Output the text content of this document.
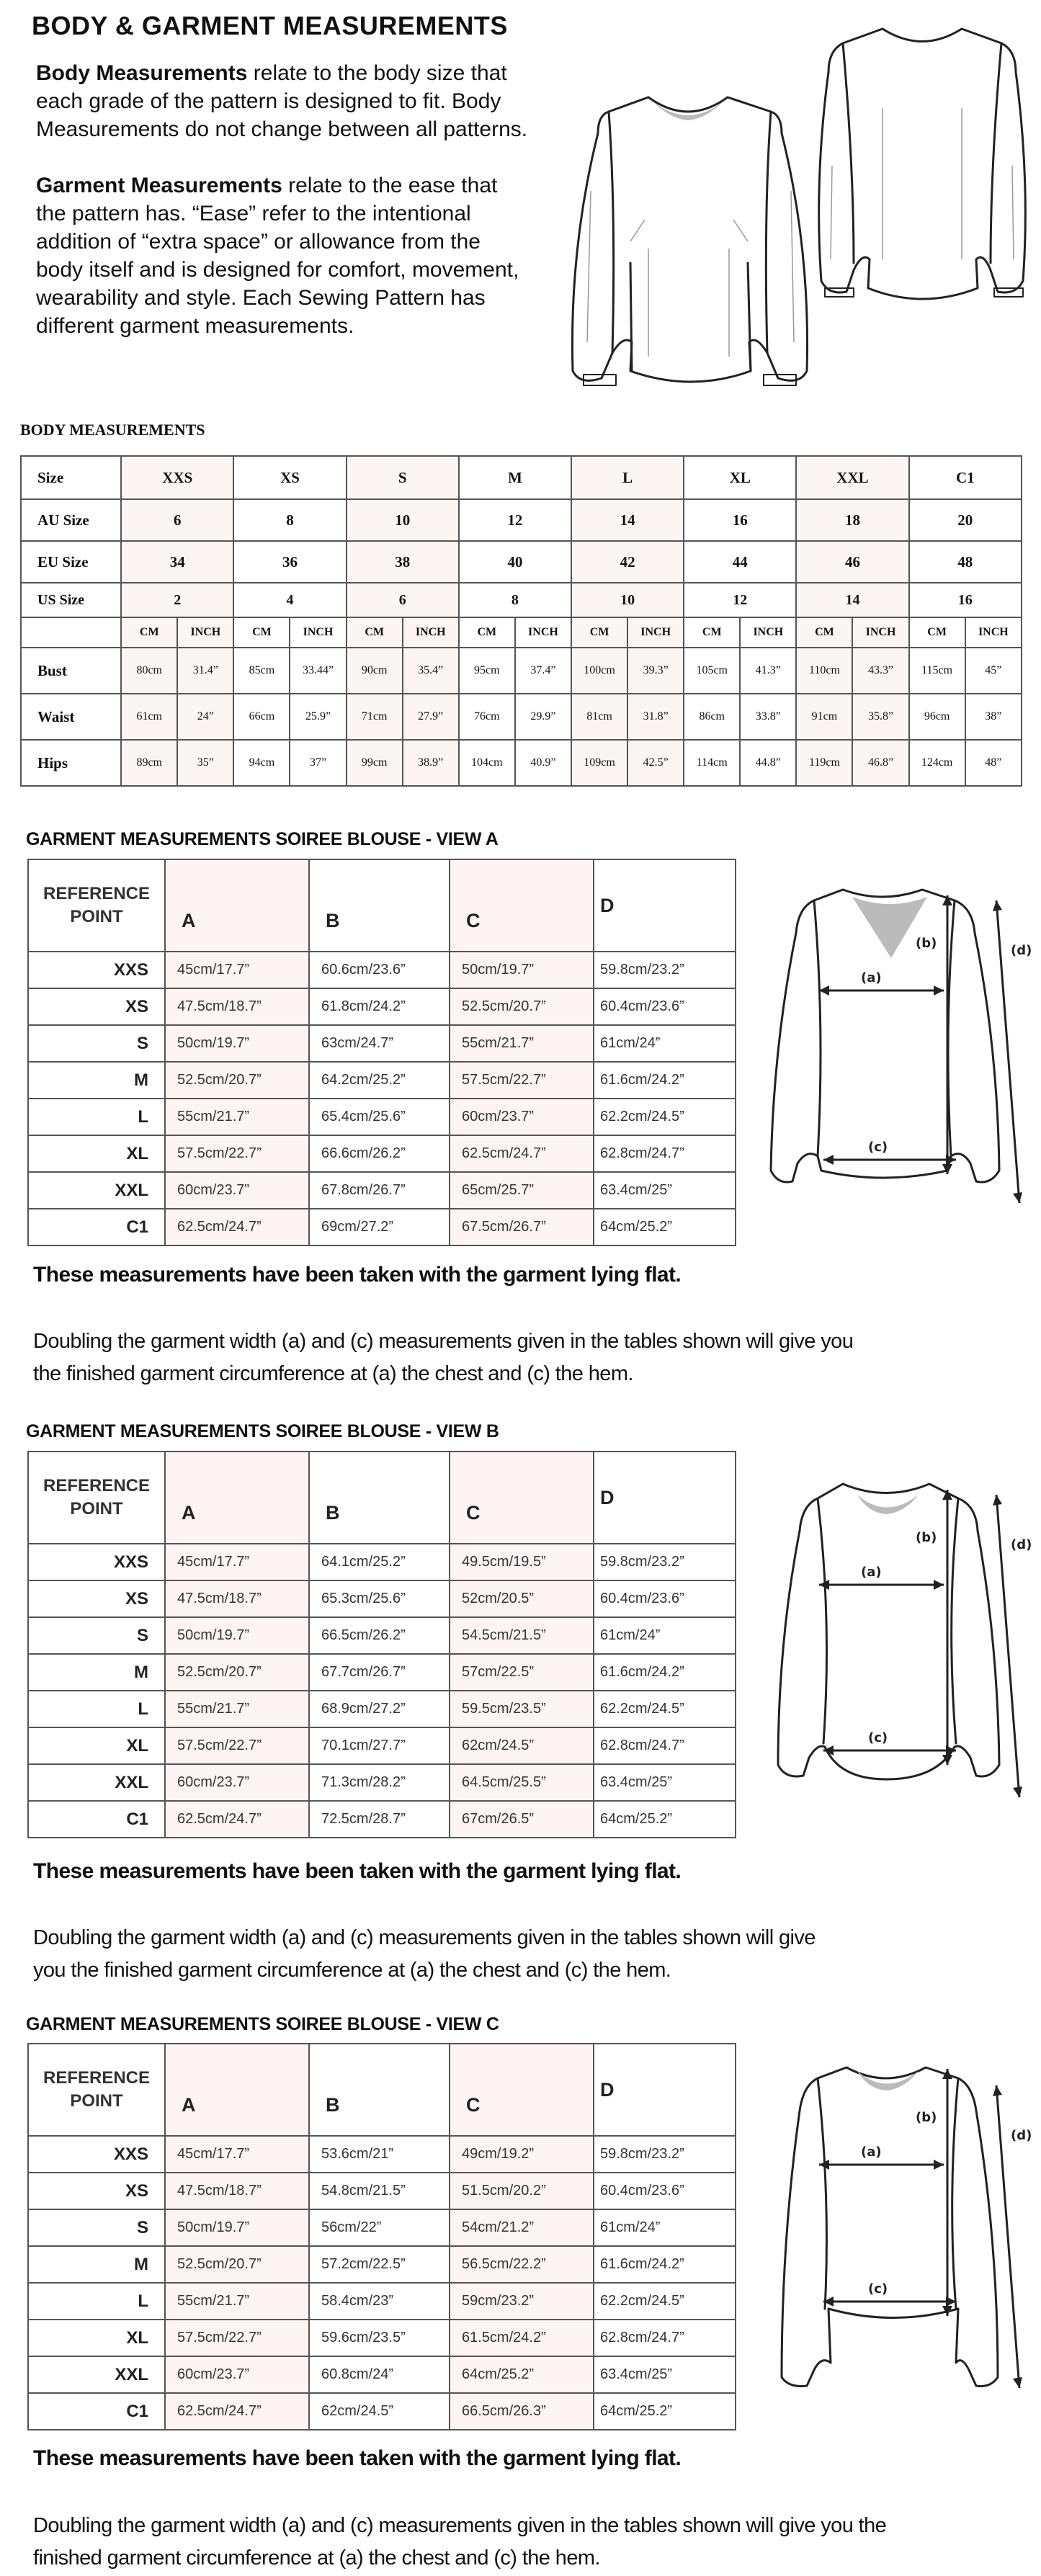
BODY & GARMENT MEASUREMENTS

Body Measurements relate to the body size that each grade of the pattern is designed to fit. Body Measurements do not change between all patterns.

Garment Measurements relate to the ease that the pattern has. “Ease” refer to the intentional addition of “extra space” or allowance from the body itself and is designed for comfort, movement, wearability and style. Each Sewing Pattern has different garment measurements.

BODY MEASUREMENTS
Size	XXS		XS		S		M		L		XL		XXL		C1	
AU Size	6		8		10		12		14		16		18		20	
EU Size	34		36		38		40		42		44		46		48	
US Size	2		4		6		8		10		12		14		16	
	CM	INCH	CM	INCH	CM	INCH	CM	INCH	CM	INCH	CM	INCH	CM	INCH	CM	INCH
Bust	80cm	31.4”	85cm	33.44”	90cm	35.4”	95cm	37.4”	100cm	39.3”	105cm	41.3”	110cm	43.3”	115cm	45”
Waist	61cm	24”	66cm	25.9”	71cm	27.9”	76cm	29.9”	81cm	31.8”	86cm	33.8”	91cm	35.8”	96cm	38”
Hips	89cm	35”	94cm	37”	99cm	38.9”	104cm	40.9”	109cm	42.5”	114cm	44.8”	119cm	46.8”	124cm	48”
GARMENT MEASUREMENTS SOIREE BLOUSE - VIEW A
REFERENCE POINT	A	B	C	D
XXS	45cm/17.7”	60.6cm/23.6”	50cm/19.7”	59.8cm/23.2”
XS	47.5cm/18.7”	61.8cm/24.2”	52.5cm/20.7”	60.4cm/23.6”
S	50cm/19.7”	63cm/24.7”	55cm/21.7”	61cm/24”
M	52.5cm/20.7”	64.2cm/25.2”	57.5cm/22.7”	61.6cm/24.2”
L	55cm/21.7”	65.4cm/25.6”	60cm/23.7”	62.2cm/24.5”
XL	57.5cm/22.7”	66.6cm/26.2”	62.5cm/24.7”	62.8cm/24.7”
XXL	60cm/23.7”	67.8cm/26.7”	65cm/25.7”	63.4cm/25”
C1	62.5cm/24.7”	69cm/27.2”	67.5cm/26.7”	64cm/25.2”
(a)
(b)
(c)
(d)
These measurements have been taken with the garment lying flat.
Doubling the garment width (a) and (c) measurements given in the tables shown will give you
the finished garment circumference at (a) the chest and (c) the hem.
GARMENT MEASUREMENTS SOIREE BLOUSE - VIEW B
REFERENCE POINT	A	B	C	D
XXS	45cm/17.7”	64.1cm/25.2”	49.5cm/19.5”	59.8cm/23.2”
XS	47.5cm/18.7”	65.3cm/25.6”	52cm/20.5”	60.4cm/23.6”
S	50cm/19.7”	66.5cm/26.2”	54.5cm/21.5”	61cm/24”
M	52.5cm/20.7”	67.7cm/26.7”	57cm/22.5”	61.6cm/24.2”
L	55cm/21.7”	68.9cm/27.2”	59.5cm/23.5”	62.2cm/24.5”
XL	57.5cm/22.7”	70.1cm/27.7”	62cm/24.5”	62.8cm/24.7”
XXL	60cm/23.7”	71.3cm/28.2”	64.5cm/25.5”	63.4cm/25”
C1	62.5cm/24.7”	72.5cm/28.7”	67cm/26.5”	64cm/25.2”
(a)
(b)
(c)
(d)
These measurements have been taken with the garment lying flat.
Doubling the garment width (a) and (c) measurements given in the tables shown will give
you the finished garment circumference at (a) the chest and (c) the hem.
GARMENT MEASUREMENTS SOIREE BLOUSE - VIEW C
REFERENCE POINT	A	B	C	D
XXS	45cm/17.7”	53.6cm/21”	49cm/19.2”	59.8cm/23.2”
XS	47.5cm/18.7”	54.8cm/21.5”	51.5cm/20.2”	60.4cm/23.6”
S	50cm/19.7”	56cm/22”	54cm/21.2”	61cm/24”
M	52.5cm/20.7”	57.2cm/22.5”	56.5cm/22.2”	61.6cm/24.2”
L	55cm/21.7”	58.4cm/23”	59cm/23.2”	62.2cm/24.5”
XL	57.5cm/22.7”	59.6cm/23.5”	61.5cm/24.2”	62.8cm/24.7”
XXL	60cm/23.7”	60.8cm/24”	64cm/25.2”	63.4cm/25”
C1	62.5cm/24.7”	62cm/24.5”	66.5cm/26.3”	64cm/25.2”
(a)
(b)
(c)
(d)
These measurements have been taken with the garment lying flat.
Doubling the garment width (a) and (c) measurements given in the tables shown will give you the
finished garment circumference at (a) the chest and (c) the hem.
